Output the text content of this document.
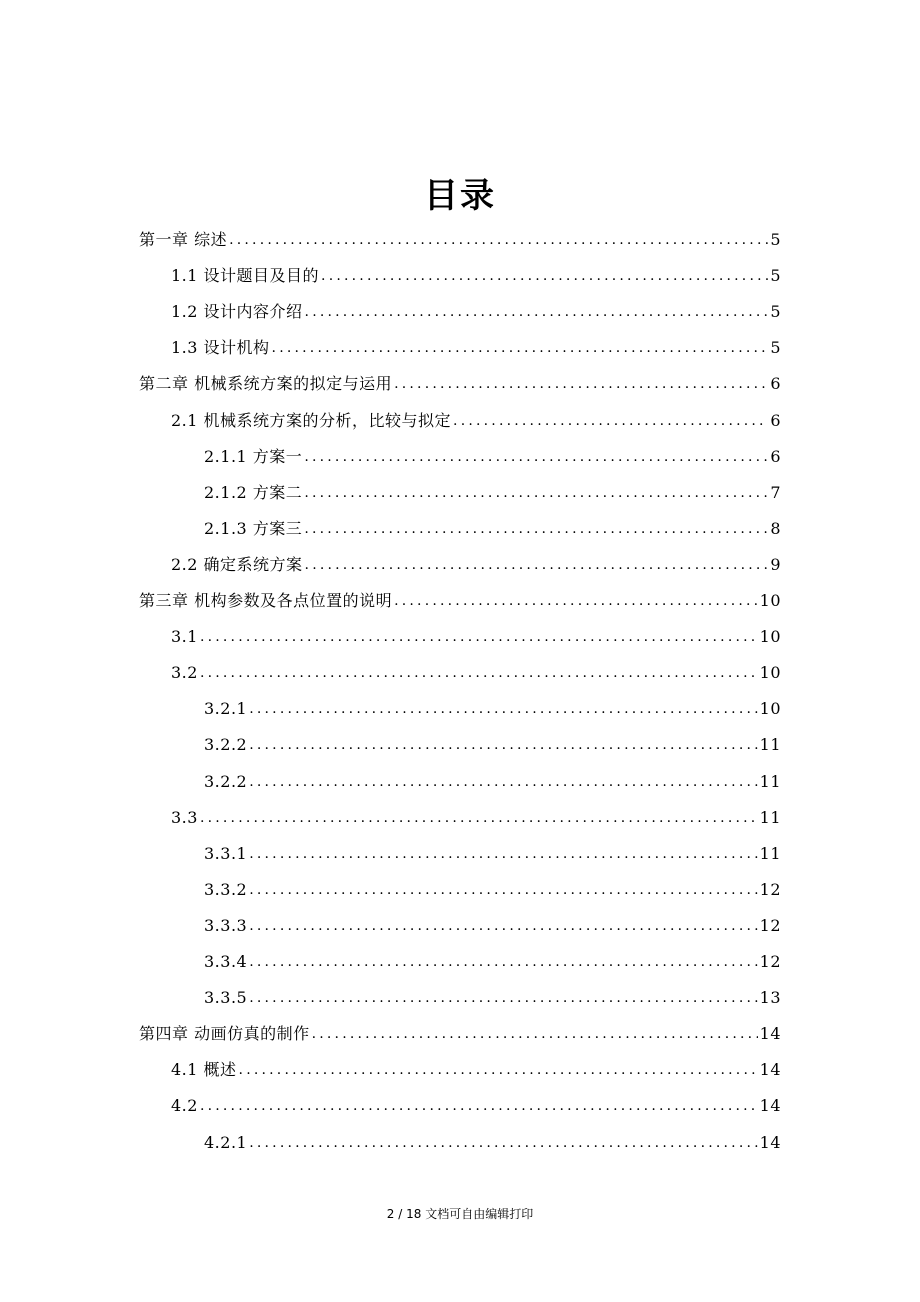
目录
第一章 综述 .....	5
1.1 设计题目及目的 .....	5
1.2 设计内容介绍 .....	5
1.3 设计机构 .....	5
第二章 机械系统方案的拟定与运用 .....	6
2.1 机械系统方案的分析，比较与拟定 .....	6
2.1.1 方案一 .....	6
2.1.2 方案二 .....	7
2.1.3 方案三 .....	8
2.2 确定系统方案 .....	9
第三章 机构参数及各点位置的说明 .....	10
3.1 .....	10
3.2 .....	10
3.2.1 .....	10
3.2.2 .....	11
3.2.2 .....	11
3.3 .....	11
3.3.1 .....	11
3.3.2 .....	12
3.3.3 .....	12
3.3.4 .....	12
3.3.5 .....	13
第四章 动画仿真的制作 .....	14
4.1 概述 .....	14
4.2 .....	14
4.2.1 .....	14
2 / 18 文档可自由编辑打印
